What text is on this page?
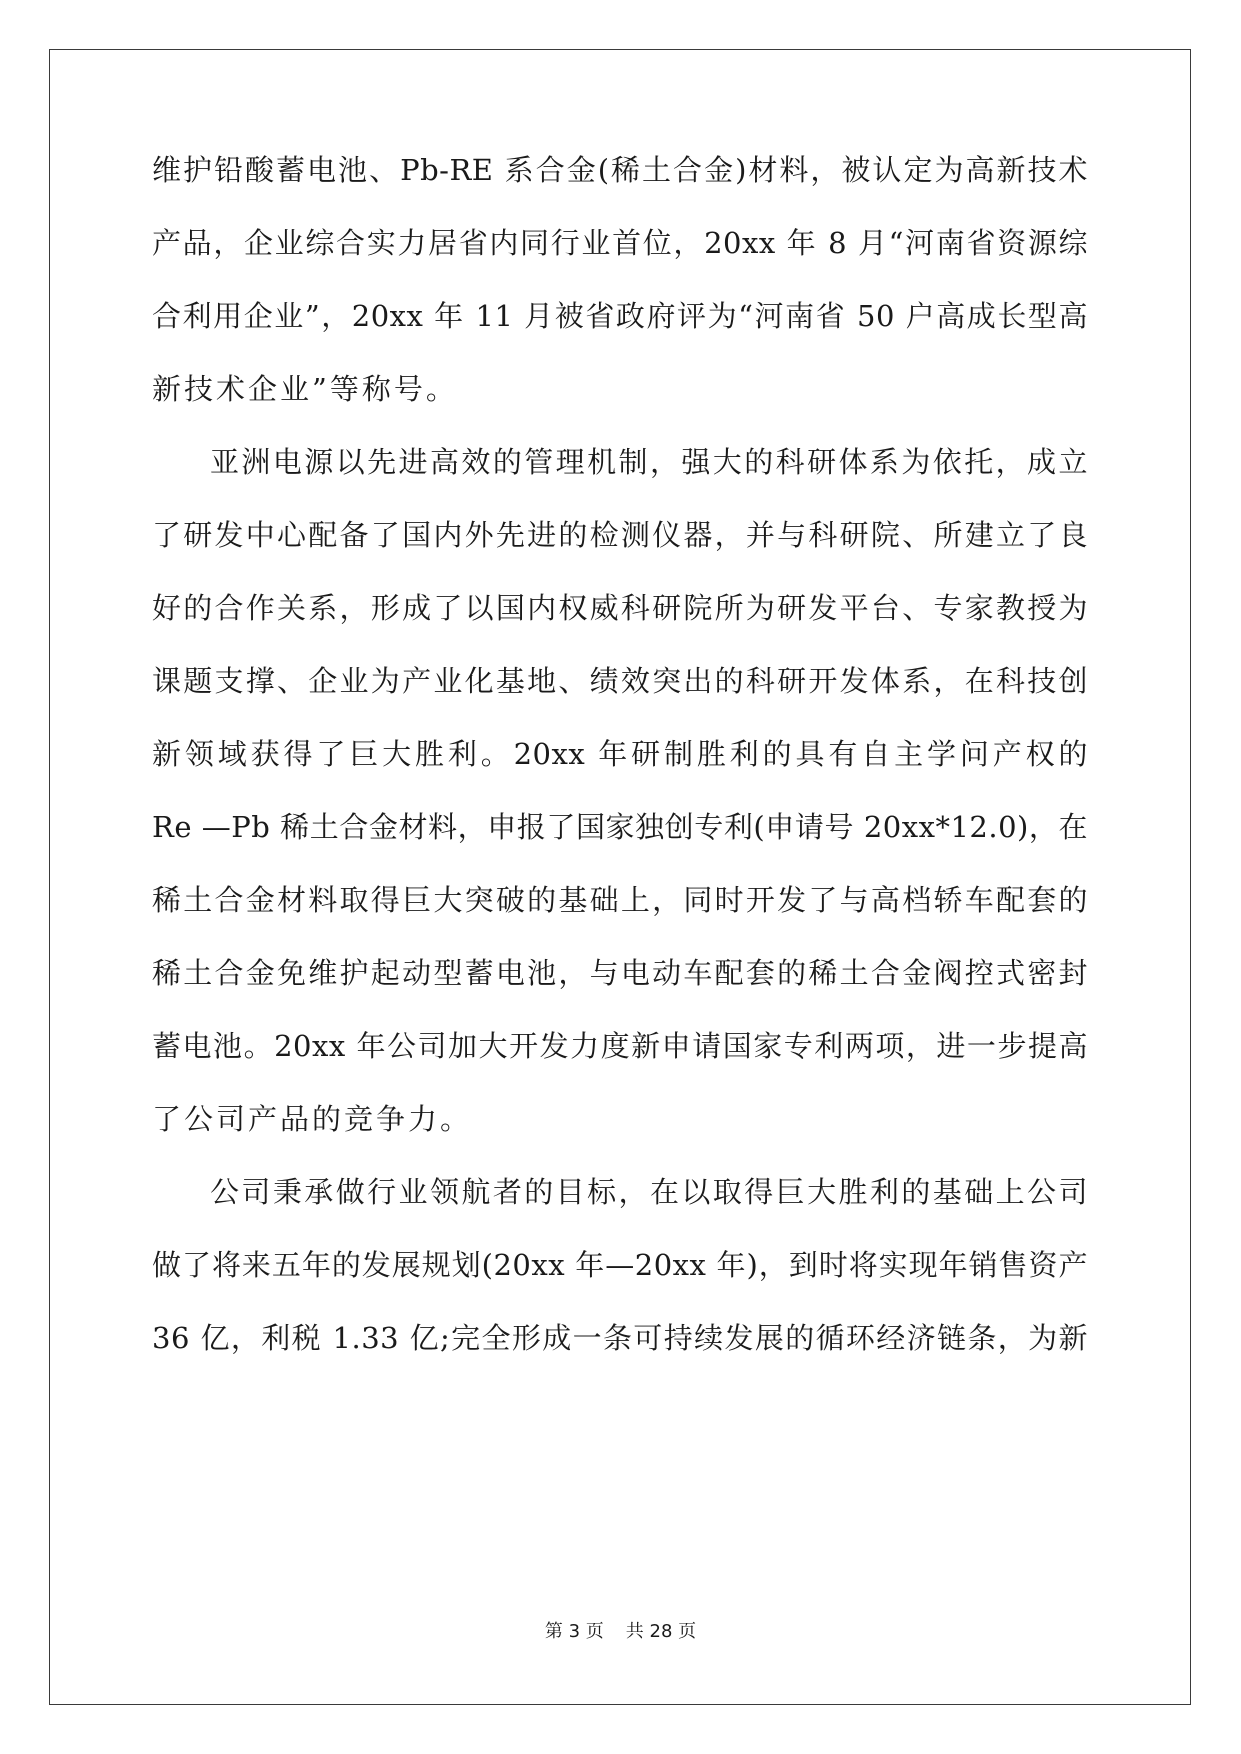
维护铅酸蓄电池、Pb-RE 系合金(稀土合金)材料，被认定为高新技术
产品，企业综合实力居省内同行业首位，20xx 年 8 月“河南省资源综
合利用企业”，20xx 年 11 月被省政府评为“河南省 50 户高成长型高
新技术企业”等称号。
亚洲电源以先进高效的管理机制，强大的科研体系为依托，成立
了研发中心配备了国内外先进的检测仪器，并与科研院、所建立了良
好的合作关系，形成了以国内权威科研院所为研发平台、专家教授为
课题支撑、企业为产业化基地、绩效突出的科研开发体系，在科技创
新领域获得了巨大胜利。20xx 年研制胜利的具有自主学问产权的
Re —Pb 稀土合金材料，申报了国家独创专利(申请号 20xx*12.0)，在
稀土合金材料取得巨大突破的基础上，同时开发了与高档轿车配套的
稀土合金免维护起动型蓄电池，与电动车配套的稀土合金阀控式密封
蓄电池。20xx 年公司加大开发力度新申请国家专利两项，进一步提高
了公司产品的竞争力。
公司秉承做行业领航者的目标，在以取得巨大胜利的基础上公司
做了将来五年的发展规划(20xx 年—20xx 年)，到时将实现年销售资产
36 亿，利税 1.33 亿;完全形成一条可持续发展的循环经济链条，为新
第 3 页 共 28 页
